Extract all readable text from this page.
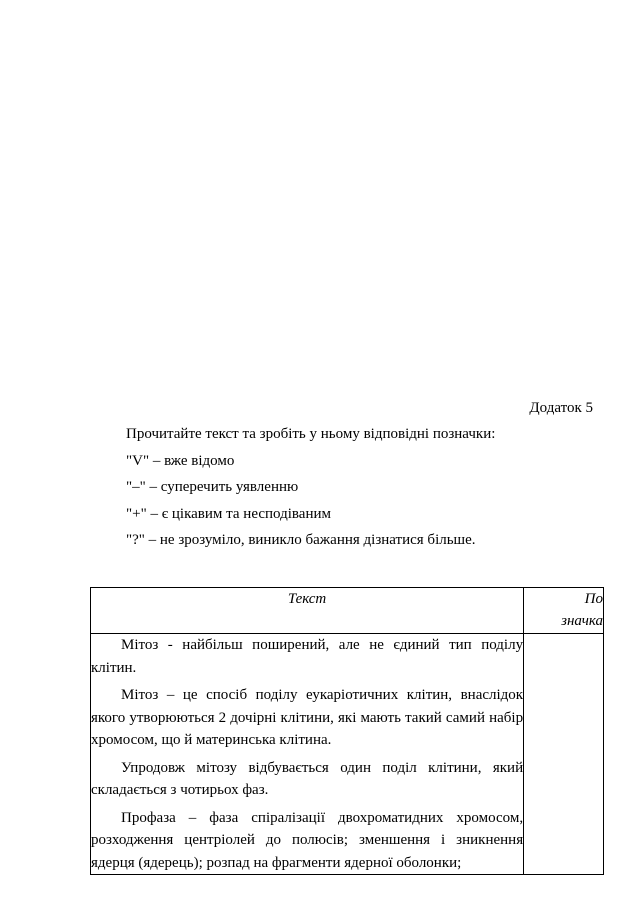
Додаток 5
Прочитайте текст та зробіть у ньому відповідні позначки:
"V" – вже відомо
"–" – суперечить уявленню
"+" – є цікавим та несподіваним
"?" – не зрозуміло, виникло бажання дізнатися більше.
Текст	По
значка

Мітоз - найбільш поширений, але не єдиний тип поділу клітин.

Мітоз – це спосіб поділу еукаріотичних клітин, внаслідок якого утворюються 2 дочірні клітини, які мають такий самий набір хромосом, що й материнська клітина.

Упродовж мітозу відбувається один поділ клітини, який складається з чотирьох фаз.

Профаза – фаза спіралізації двохроматидних хромосом, розходження центріолей до полюсів; зменшення і зникнення ядерця (ядерець); розпад на фрагменти ядерної оболонки;	
